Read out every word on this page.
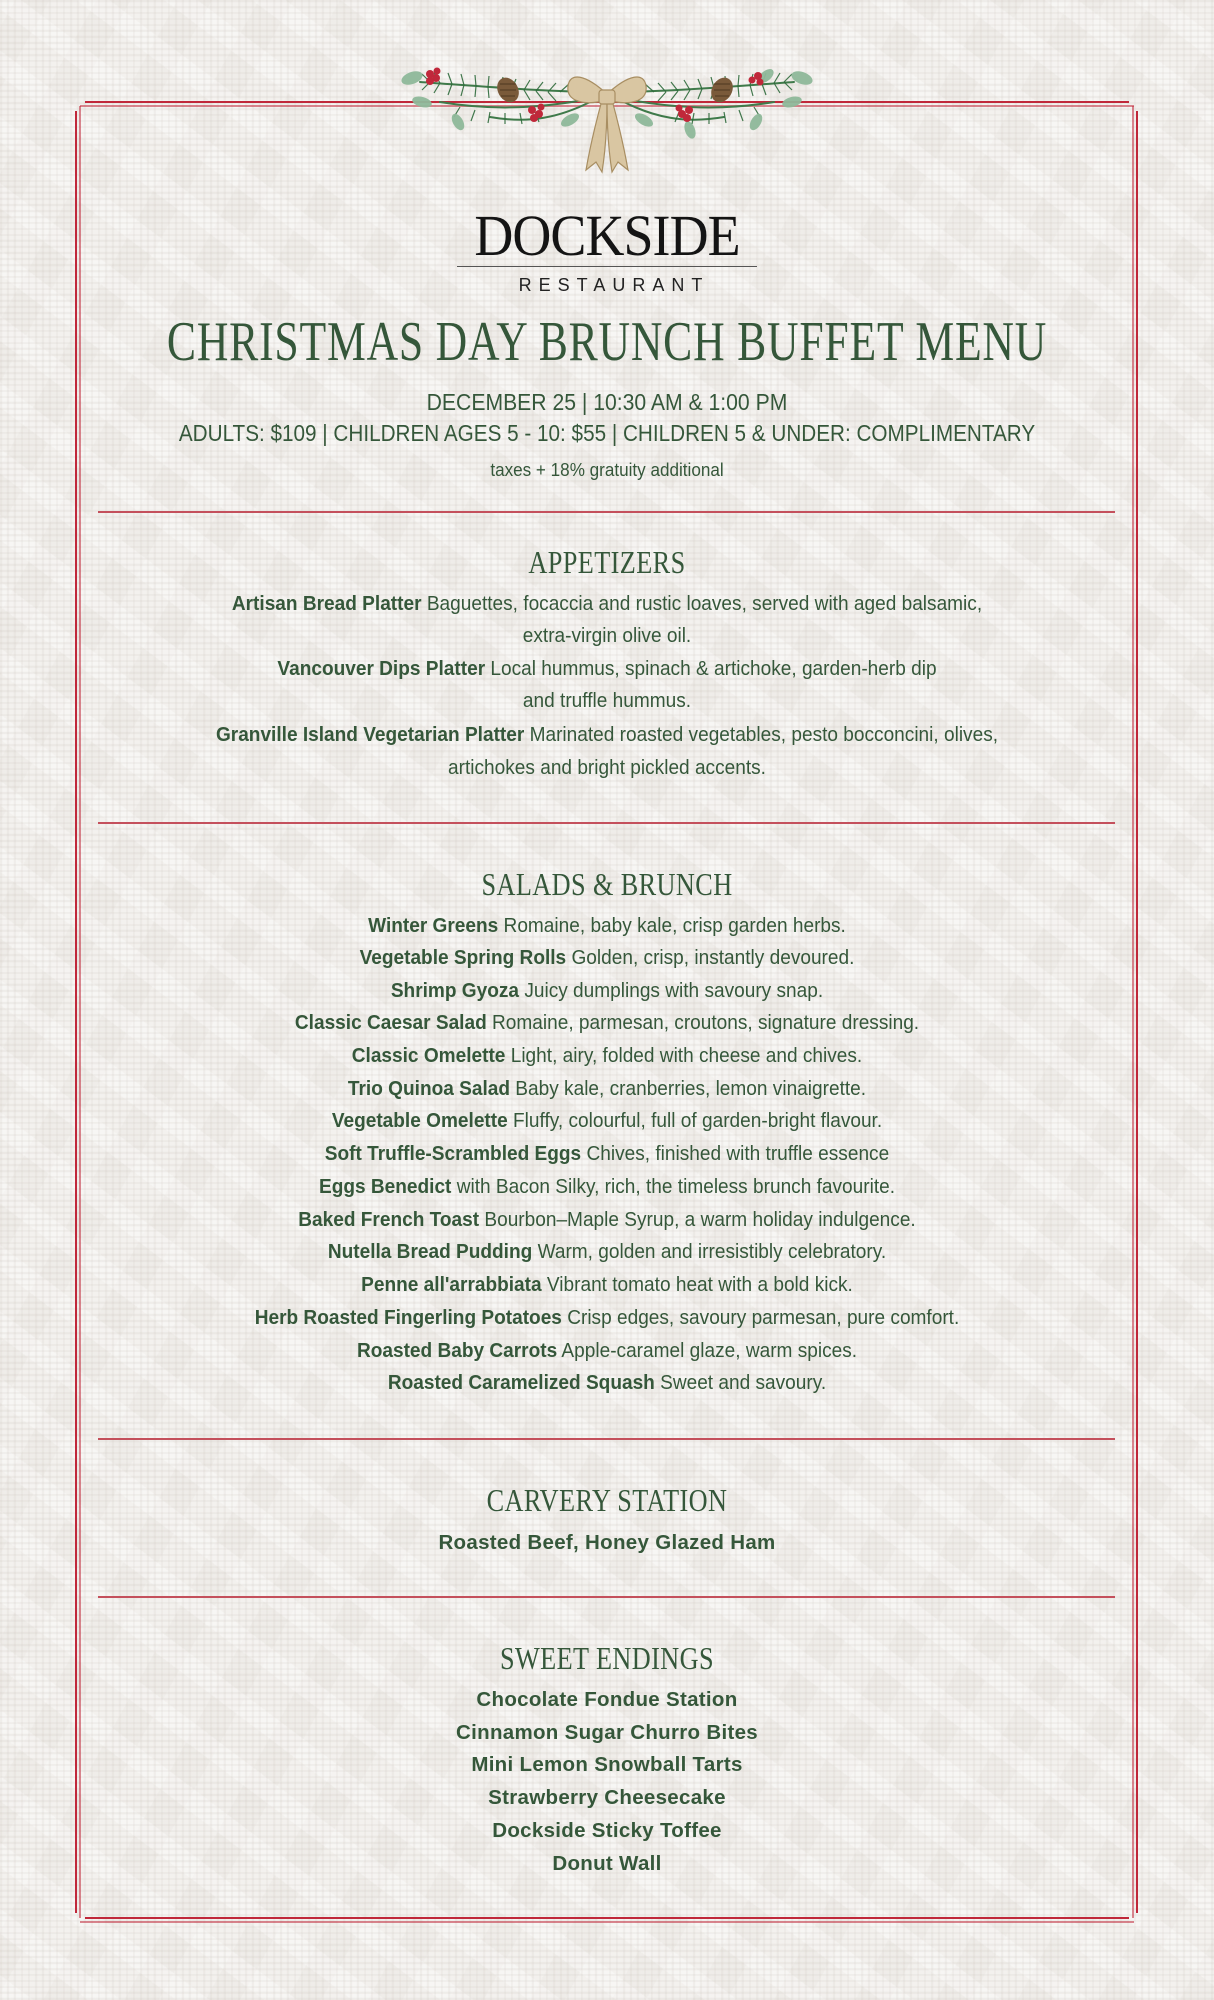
DOCKSIDE
RESTAURANT
CHRISTMAS DAY BRUNCH BUFFET MENU
DECEMBER 25 | 10:30 AM & 1:00 PM
ADULTS: $109 | CHILDREN AGES 5 - 10: $55 | CHILDREN 5 & UNDER: COMPLIMENTARY
taxes + 18% gratuity additional
APPETIZERS
Artisan Bread Platter Baguettes, focaccia and rustic loaves, served with aged balsamic,
extra-virgin olive oil.
Vancouver Dips Platter Local hummus, spinach & artichoke, garden-herb dip
and truffle hummus.
Granville Island Vegetarian Platter Marinated roasted vegetables, pesto bocconcini, olives,
artichokes and bright pickled accents.
SALADS & BRUNCH
Winter Greens Romaine, baby kale, crisp garden herbs.
Vegetable Spring Rolls Golden, crisp, instantly devoured.
Shrimp Gyoza Juicy dumplings with savoury snap.
Classic Caesar Salad Romaine, parmesan, croutons, signature dressing.
Classic Omelette Light, airy, folded with cheese and chives.
Trio Quinoa Salad Baby kale, cranberries, lemon vinaigrette.
Vegetable Omelette Fluffy, colourful, full of garden-bright flavour.
Soft Truffle-Scrambled Eggs Chives, finished with truffle essence
Eggs Benedict with Bacon Silky, rich, the timeless brunch favourite.
Baked French Toast Bourbon–Maple Syrup, a warm holiday indulgence.
Nutella Bread Pudding Warm, golden and irresistibly celebratory.
Penne all'arrabbiata Vibrant tomato heat with a bold kick.
Herb Roasted Fingerling Potatoes Crisp edges, savoury parmesan, pure comfort.
Roasted Baby Carrots Apple-caramel glaze, warm spices.
Roasted Caramelized Squash Sweet and savoury.
CARVERY STATION
Roasted Beef, Honey Glazed Ham
SWEET ENDINGS
Chocolate Fondue Station
Cinnamon Sugar Churro Bites
Mini Lemon Snowball Tarts
Strawberry Cheesecake
Dockside Sticky Toffee
Donut Wall
